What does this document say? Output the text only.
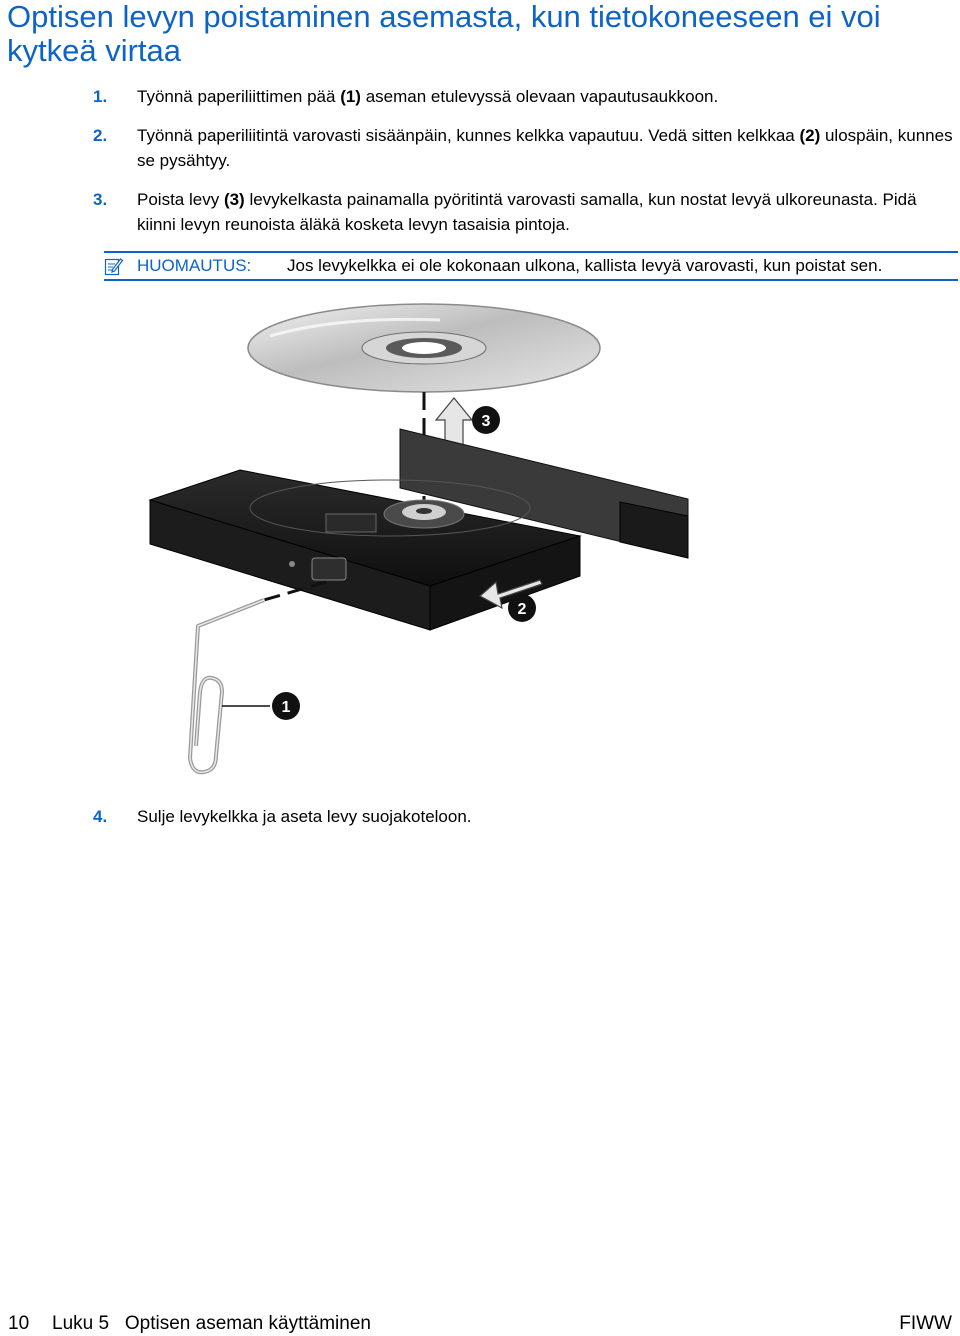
Optisen levyn poistaminen asemasta, kun tietokoneeseen ei voi kytkeä virtaa
1.	Työnnä paperiliittimen pää (1) aseman etulevyssä olevaan vapautusaukkoon.
2.	Työnnä paperiliitintä varovasti sisäänpäin, kunnes kelkka vapautuu. Vedä sitten kelkkaa (2) ulospäin, kunnes se pysähtyy.
3.	Poista levy (3) levykelkasta painamalla pyöritintä varovasti samalla, kun nostat levyä ulkoreunasta. Pidä kiinni levyn reunoista äläkä kosketa levyn tasaisia pintoja.
HUOMAUTUS: Jos levykelkka ei ole kokonaan ulkona, kallista levyä varovasti, kun poistat sen.
3
2
1
4.	Sulje levykelkka ja aseta levy suojakoteloon.
10 Luku 5   Optisen aseman käyttäminen	FIWW
